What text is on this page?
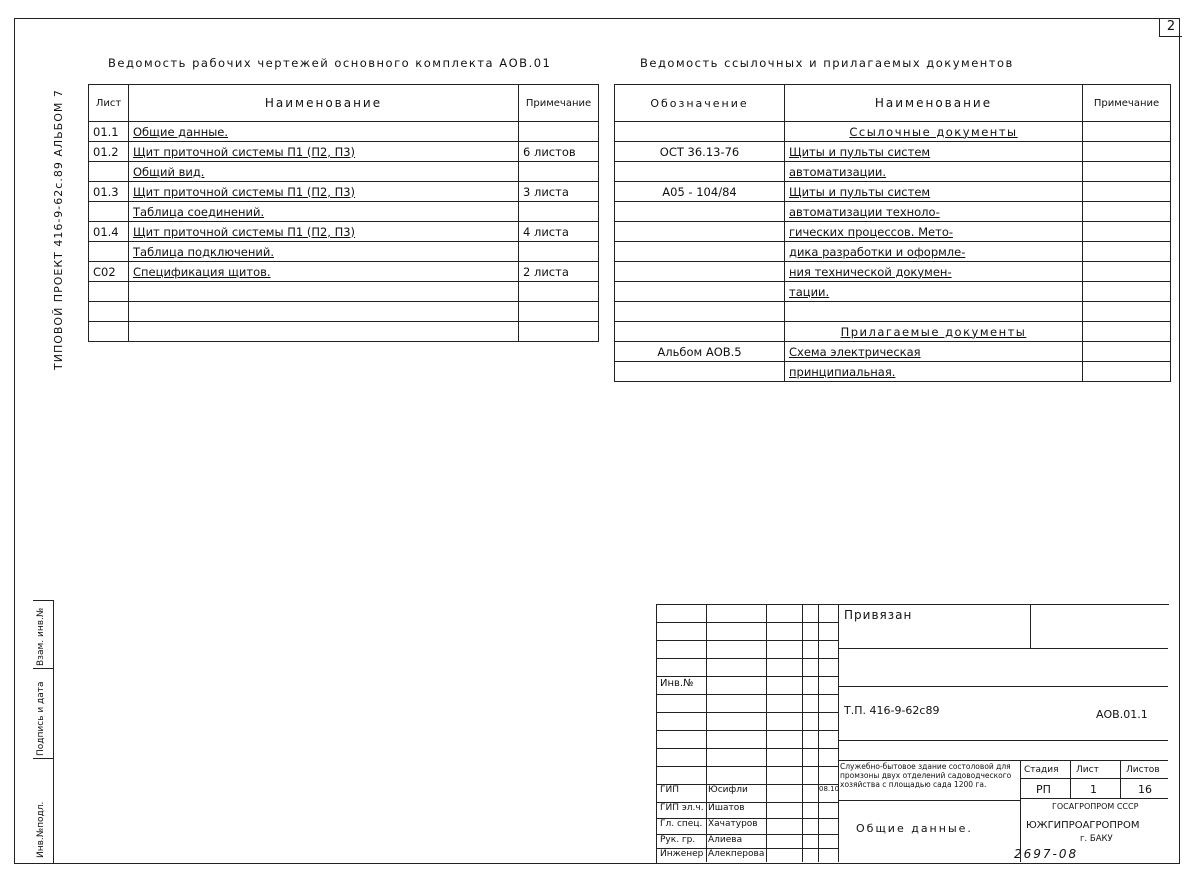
2
ТИПОВОЙ ПРОЕКТ 416-9-62с.89 АЛЬБОМ 7
Инв.№подл.
Подпись и дата
Взам. инв.№
Ведомость рабочих чертежей основного комплекта АОВ.01
Лист	Наименование	Примечание
01.1	Общие данные.	
01.2	Щит приточной системы П1 (П2, П3)	6 листов
	Общий вид.	
01.3	Щит приточной системы П1 (П2, П3)	3 листа
	Таблица соединений.	
01.4	Щит приточной системы П1 (П2, П3)	4 листа
	Таблица подключений.	
С02	Спецификация щитов.	2 листа

Ведомость ссылочных и прилагаемых документов
Обозначение	Наименование	Примечание
	Ссылочные документы	
ОСТ 36.13-76	Щиты и пульты систем	
	автоматизации.	
А05 - 104/84	Щиты и пульты систем	
	автоматизации техноло-	
	гических процессов. Мето-	
	дика разработки и оформле-	
	ния технической докумен-	
	тации.	

	Прилагаемые документы	
Альбом АОВ.5	Схема электрическая	
	принципиальная.	
Привязан
Инв.№
Т.П. 416-9-62с89	АОВ.01.1
Служебно-бытовое здание состоловой для промзоны двух отделений садоводческого хозяйства с площадью сада 1200 га.
Стадия Лист	Листов
РП	1	16
Общие данные.
ГОСАГРОПРОМ СССР
ЮЖГИПРОАГРОПРОМ
г. БАКУ
ГИП	Юсифли	08.10
ГИП эл.ч. Ишатов
Гл. спец. Хачатуров
Рук. гр. Алиева
Инженер Алекперова	2697-08
